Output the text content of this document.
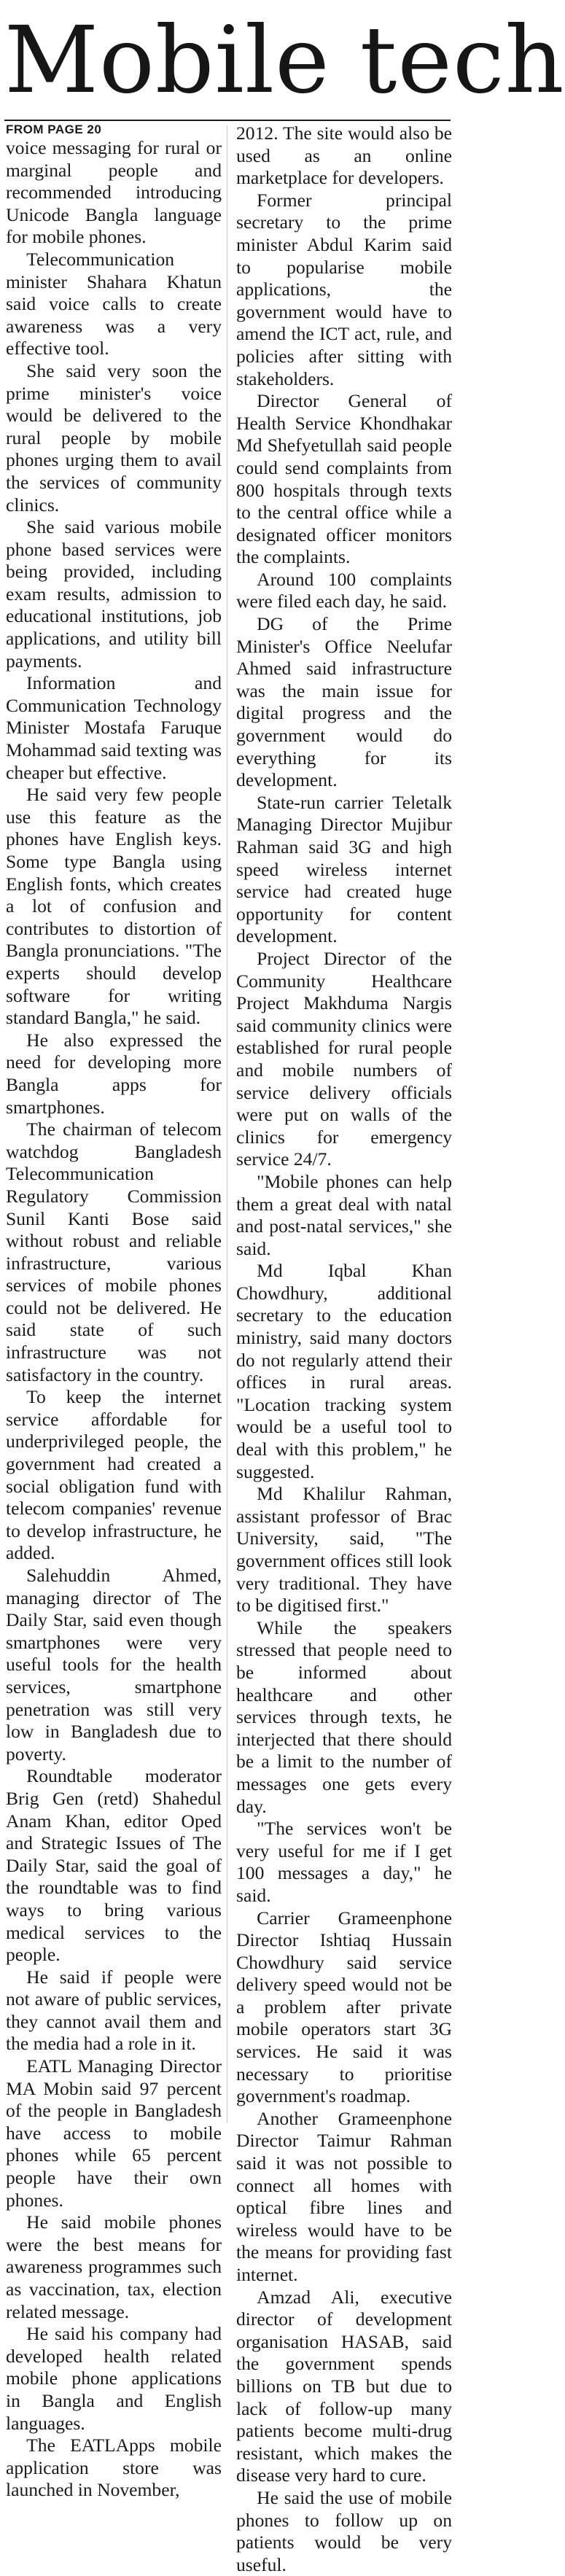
Mobile tech
FROM PAGE 20

voice messaging for rural or marginal people and recommended introducing Unicode Bangla language for mobile phones.

Telecommunication minister Shahara Khatun said voice calls to create awareness was a very effective tool.

She said very soon the prime minister's voice would be delivered to the rural people by mobile phones urging them to avail the services of community clinics.

She said various mobile phone based services were being provided, including exam results, admission to educational institutions, job applications, and utility bill payments.

Information and Communication Technology Minister Mostafa Faruque Mohammad said texting was cheaper but effective.

He said very few people use this feature as the phones have English keys. Some type Bangla using English fonts, which creates a lot of confusion and contributes to distortion of Bangla pronunciations. "The experts should develop software for writing standard Bangla," he said.

He also expressed the need for developing more Bangla apps for smartphones.

The chairman of telecom watchdog Bangladesh Telecommunication Regulatory Commission Sunil Kanti Bose said without robust and reliable infrastructure, various services of mobile phones could not be delivered. He said state of such infrastructure was not satisfactory in the country.

To keep the internet service affordable for underprivileged people, the government had created a social obligation fund with telecom companies' revenue to develop infrastructure, he added.

Salehuddin Ahmed, managing director of The Daily Star, said even though smartphones were very useful tools for the health services, smartphone penetration was still very low in Bangladesh due to poverty.

Roundtable moderator Brig Gen (retd) Shahedul Anam Khan, editor Oped and Strategic Issues of The Daily Star, said the goal of the roundtable was to find ways to bring various medical services to the people.

He said if people were not aware of public services, they cannot avail them and the media had a role in it.

EATL Managing Director MA Mobin said 97 percent of the people in Bangladesh have access to mobile phones while 65 percent people have their own phones.

He said mobile phones were the best means for awareness programmes such as vaccination, tax, election related message.

He said his company had developed health related mobile phone applications in Bangla and English languages.

The EATLApps mobile application store was launched in November,

2012. The site would also be used as an online marketplace for developers.

Former principal secretary to the prime minister Abdul Karim said to popularise mobile applications, the government would have to amend the ICT act, rule, and policies after sitting with stakeholders.

Director General of Health Service Khondhakar Md Shefyetullah said people could send complaints from 800 hospitals through texts to the central office while a designated officer monitors the complaints.

Around 100 complaints were filed each day, he said.

DG of the Prime Minister's Office Neelufar Ahmed said infrastructure was the main issue for digital progress and the government would do everything for its development.

State-run carrier Teletalk Managing Director Mujibur Rahman said 3G and high speed wireless internet service had created huge opportunity for content development.

Project Director of the Community Healthcare Project Makhduma Nargis said community clinics were established for rural people and mobile numbers of service delivery officials were put on walls of the clinics for emergency service 24/7.

"Mobile phones can help them a great deal with natal and post-natal services," she said.

Md Iqbal Khan Chowdhury, additional secretary to the education ministry, said many doctors do not regularly attend their offices in rural areas. "Location tracking system would be a useful tool to deal with this problem," he suggested.

Md Khalilur Rahman, assistant professor of Brac University, said, "The government offices still look very traditional. They have to be digitised first."

While the speakers stressed that people need to be informed about healthcare and other services through texts, he interjected that there should be a limit to the number of messages one gets every day.

"The services won't be very useful for me if I get 100 messages a day," he said.

Carrier Grameenphone Director Ishtiaq Hussain Chowdhury said service delivery speed would not be a problem after private mobile operators start 3G services. He said it was necessary to prioritise government's roadmap.

Another Grameenphone Director Taimur Rahman said it was not possible to connect all homes with optical fibre lines and wireless would have to be the means for providing fast internet.

Amzad Ali, executive director of development organisation HASAB, said the government spends billions on TB but due to lack of follow-up many patients become multi-drug resistant, which makes the disease very hard to cure.

He said the use of mobile phones to follow up on patients would be very useful.
